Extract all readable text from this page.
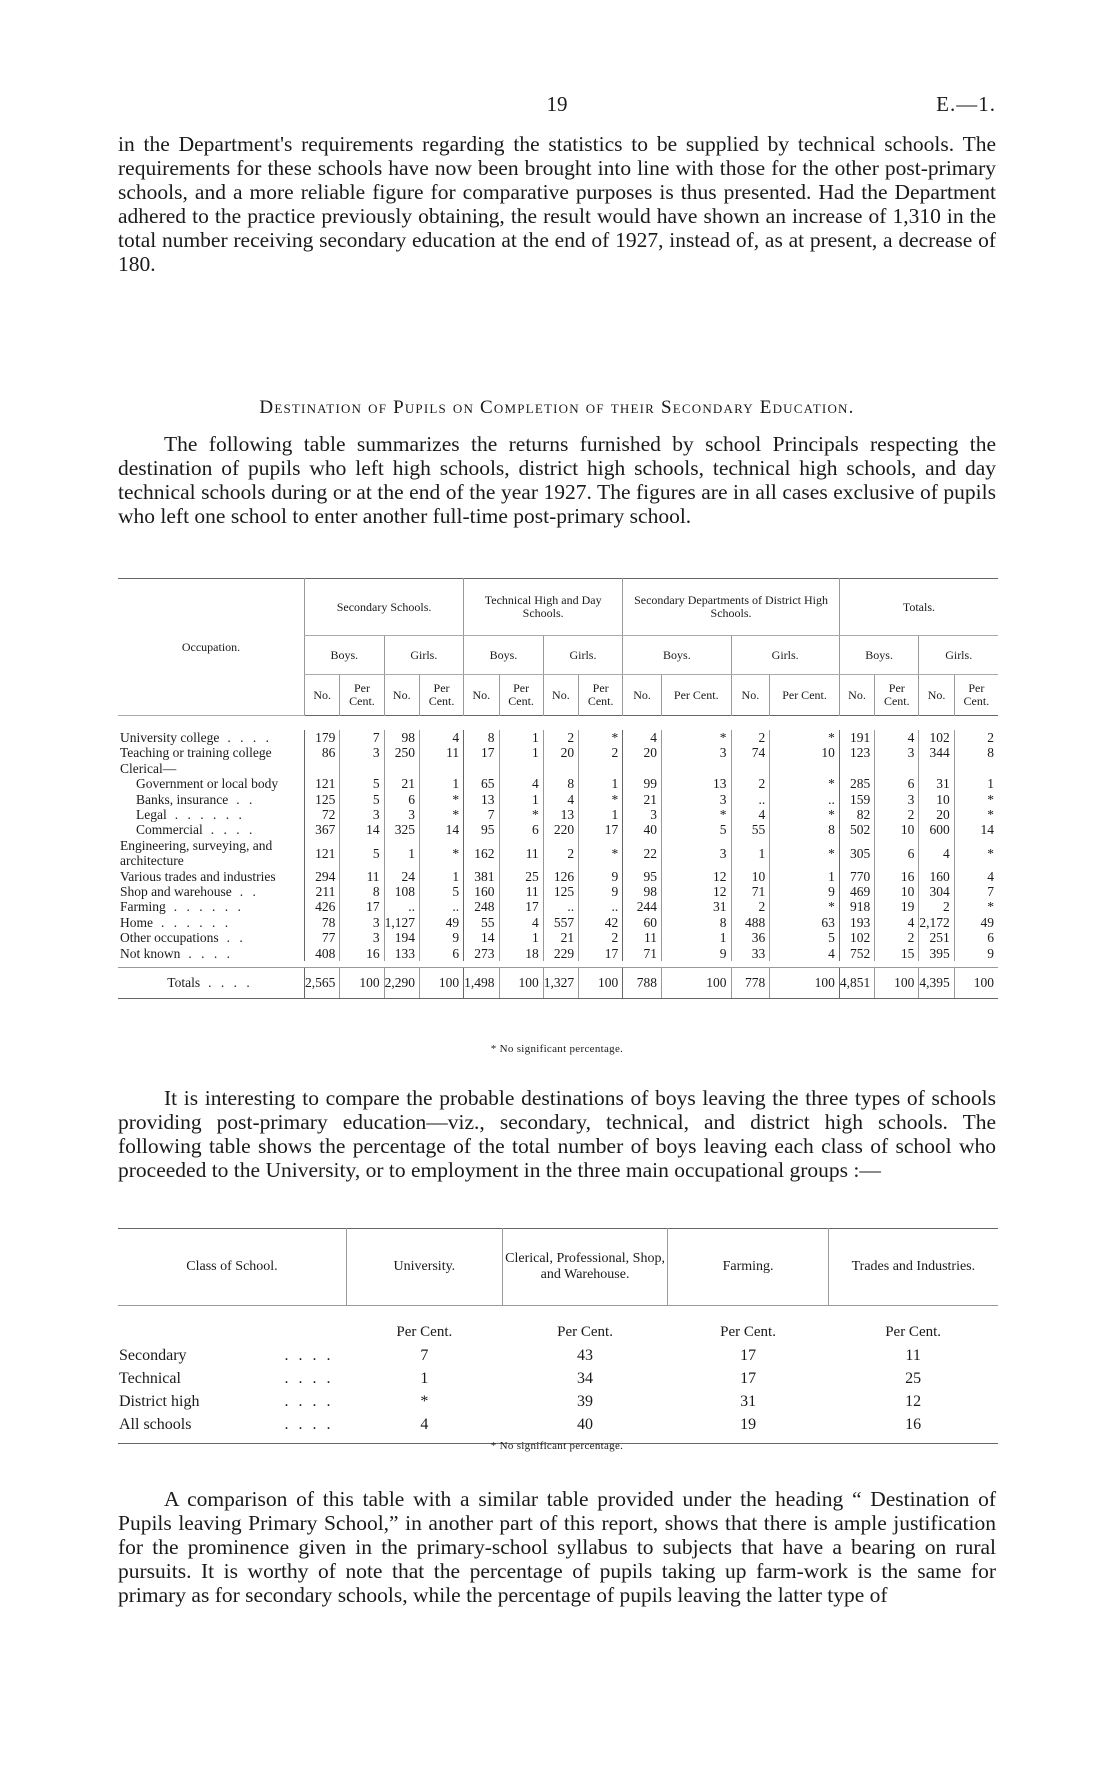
19	E.—1.

in the Department's requirements regarding the statistics to be supplied by technical schools. The requirements for these schools have now been brought into line with those for the other post-primary schools, and a more reliable figure for comparative purposes is thus presented. Had the Department adhered to the practice previously obtaining, the result would have shown an increase of 1,310 in the total number receiving secondary education at the end of 1927, instead of, as at present, a decrease of 180.

Destination of Pupils on Completion of their Secondary Education.

The following table summarizes the returns furnished by school Principals respecting the destination of pupils who left high schools, district high schools, technical high schools, and day technical schools during or at the end of the year 1927. The figures are in all cases exclusive of pupils who left one school to enter another full-time post-primary school.

Occupation.	Secondary Schools.				Technical High and Day Schools.				Secondary Departments of District High Schools.				Totals.			
	Boys.		Girls.		Boys.		Girls.		Boys.		Girls.		Boys.		Girls.	
	No.	Per Cent.	No.	Per Cent.	No.	Per Cent.	No.	Per Cent.	No.	Per Cent.	No.	Per Cent.	No.	Per Cent.	No.	Per Cent.

University college . . . .	179	7	98	4	8	1	2	*	4	*	2	*	191	4	102	2
Teaching or training college	86	3	250	11	17	1	20	2	20	3	74	10	123	3	344	8
Clerical—																
Government or local body	121	5	21	1	65	4	8	1	99	13	2	*	285	6	31	1
Banks, insurance . .	125	5	6	*	13	1	4	*	21	3	..	..	159	3	10	*
Legal . . . . . .	72	3	3	*	7	*	13	1	3	*	4	*	82	2	20	*
Commercial . . . .	367	14	325	14	95	6	220	17	40	5	55	8	502	10	600	14
Engineering, surveying, and architecture	121	5	1	*	162	11	2	*	22	3	1	*	305	6	4	*
Various trades and industries	294	11	24	1	381	25	126	9	95	12	10	1	770	16	160	4
Shop and warehouse . .	211	8	108	5	160	11	125	9	98	12	71	9	469	10	304	7
Farming . . . . . .	426	17	..	..	248	17	..	..	244	31	2	*	918	19	2	*
Home . . . . . .	78	3	1,127	49	55	4	557	42	60	8	488	63	193	4	2,172	49
Other occupations . .	77	3	194	9	14	1	21	2	11	1	36	5	102	2	251	6
Not known . . . .	408	16	133	6	273	18	229	17	71	9	33	4	752	15	395	9

Totals . . . .	2,565	100	2,290	100	1,498	100	1,327	100	788	100	778	100	4,851	100	4,395	100
* No significant percentage.

It is interesting to compare the probable destinations of boys leaving the three types of schools providing post-primary education—viz., secondary, technical, and district high schools. The following table shows the percentage of the total number of boys leaving each class of school who proceeded to the University, or to employment in the three main occupational groups :—

Class of School.	University.	Clerical, Professional, Shop, and Warehouse.	Farming.	Trades and Industries.
	Per Cent.	Per Cent.	Per Cent.	Per Cent.
Secondary . . . .	7	43	17	11
Technical . . . .	1	34	17	25
District high . . . .	*	39	31	12
All schools . . . .	4	40	19	16
* No significant percentage.

A comparison of this table with a similar table provided under the heading “ Destination of Pupils leaving Primary School,” in another part of this report, shows that there is ample justification for the prominence given in the primary-school syllabus to subjects that have a bearing on rural pursuits. It is worthy of note that the percentage of pupils taking up farm-work is the same for primary as for secondary schools, while the percentage of pupils leaving the latter type of
